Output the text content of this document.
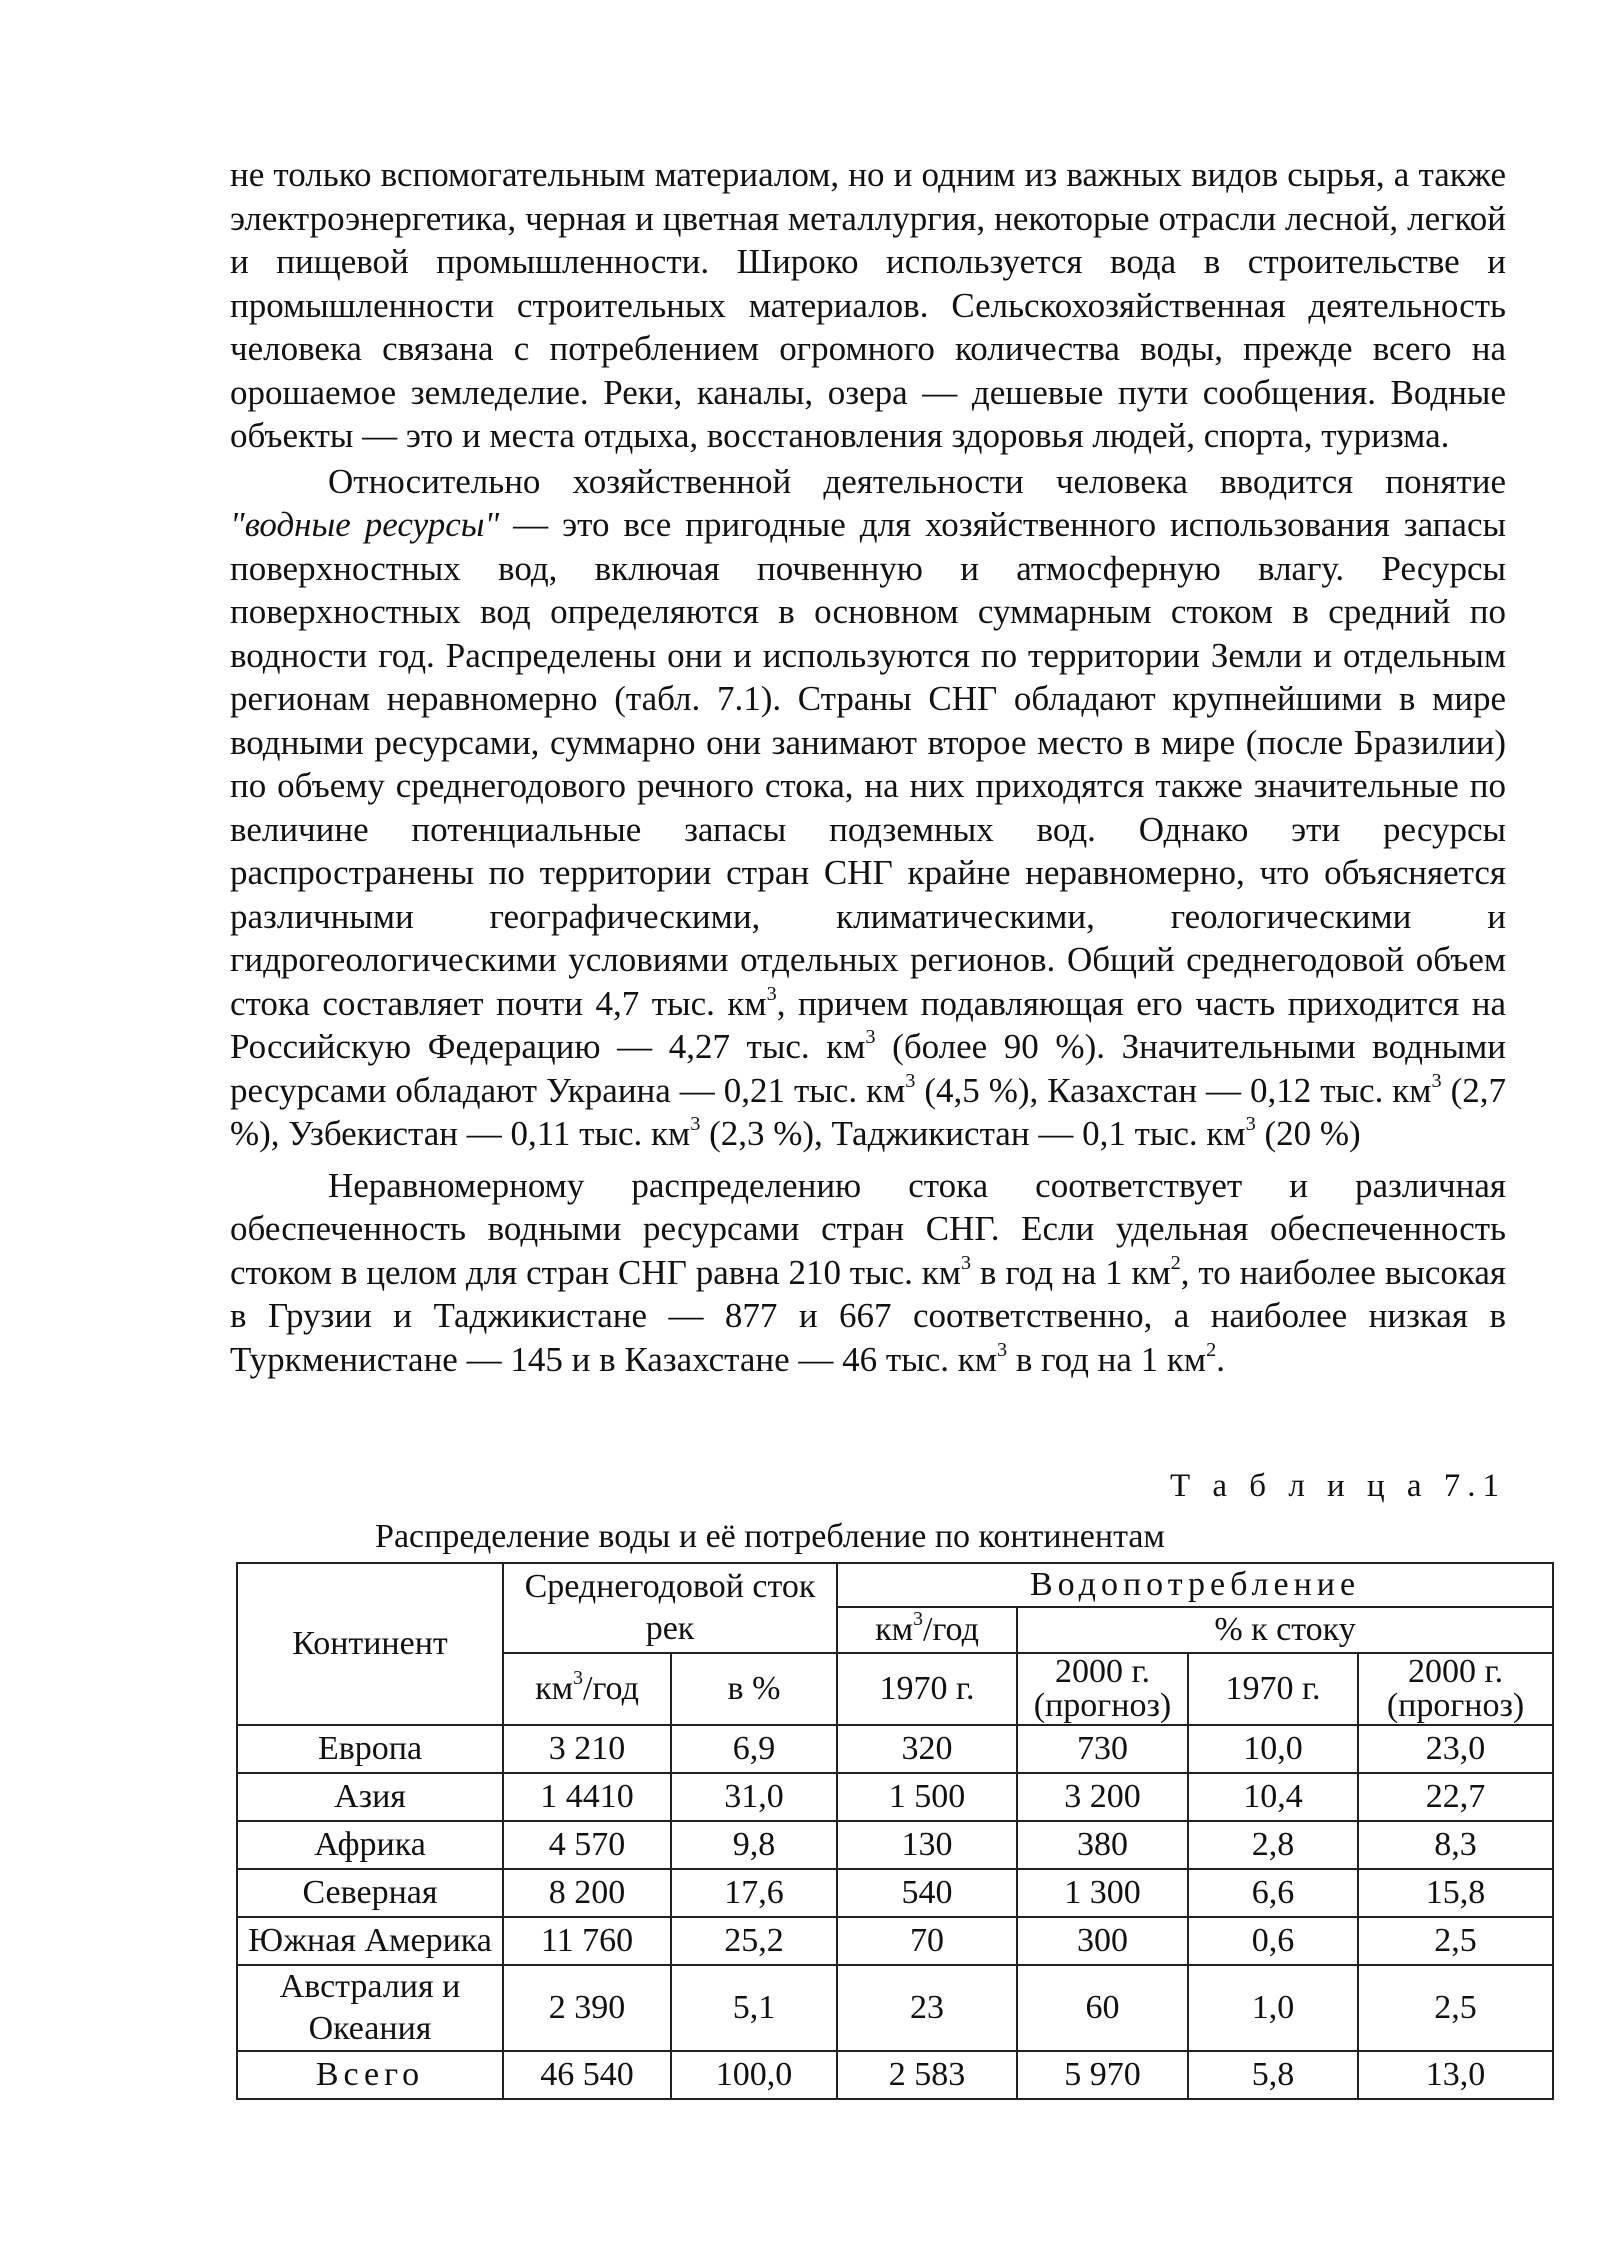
не только вспомогательным материалом, но и одним из важных видов сырья, а также электроэнергетика, черная и цветная металлургия, некоторые отрасли лесной, легкой и пищевой промышленности. Широко используется вода в строительстве и промышленности строительных материалов. Сельскохозяйственная деятельность человека связана с потреблением огромного количества воды, прежде всего на орошаемое земледелие. Реки, каналы, озера — дешевые пути сообщения. Водные объекты — это и места отдыха, восстановления здоровья людей, спорта, туризма.

Относительно хозяйственной деятельности человека вводится понятие "водные ресурсы" — это все пригодные для хозяйственного использования запасы поверхностных вод, включая почвенную и атмосферную влагу. Ресурсы поверхностных вод определяются в основном суммарным стоком в средний по водности год. Распределены они и используются по территории Земли и отдельным регионам неравномерно (табл. 7.1). Страны СНГ обладают крупнейшими в мире водными ресурсами, суммарно они занимают второе место в мире (после Бразилии) по объему среднегодового речного стока, на них приходятся также значительные по величине потенциальные запасы подземных вод. Однако эти ресурсы распространены по территории стран СНГ крайне неравномерно, что объясняется различными географическими, климатическими, геологическими и гидрогеологическими условиями отдельных регионов. Общий среднегодовой объем стока составляет почти 4,7 тыс. $км^3$, причем подавляющая его часть приходится на Российскую Федерацию — 4,27 тыс. $км^3$ (более 90 %). Значительными водными ресурсами обладают Украина — 0,21 тыс. $км^3$ (4,5 %), Казахстан — 0,12 тыс. $км^3$ (2,7 %), Узбекистан — 0,11 тыс. $км^3$ (2,3 %), Таджикистан — 0,1 тыс. $км^3$ (20 %)

Неравномерному распределению стока соответствует и различная обеспеченность водными ресурсами стран СНГ. Если удельная обеспеченность стоком в целом для стран СНГ равна 210 тыс. $км^3$ в год на 1 $км^2$, то наиболее высокая в Грузии и Таджикистане — 877 и 667 соответственно, а наиболее низкая в Туркменистане — 145 и в Казахстане — 46 тыс. $км^3$ в год на 1 $км^2$.

Т а б л и ц а 7.1
Распределение воды и её потребление по континентам
Континент	Среднегодовой сток рек		Водопотребление			
			$км^3$/год	% к стоку		
	$км^3$/год	в %	1970 г.	2000 г. (прогноз)	1970 г.	2000 г. (прогноз)

Европа	3 210	6,9	320	730	10,0	23,0
Азия	1 4410	31,0	1 500	3 200	10,4	22,7
Африка	4 570	9,8	130	380	2,8	8,3
Северная	8 200	17,6	540	1 300	6,6	15,8
Южная Америка	11 760	25,2	70	300	0,6	2,5
Австралия и Океания	2 390	5,1	23	60	1,0	2,5
Всего	46 540	100,0	2 583	5 970	5,8	13,0
